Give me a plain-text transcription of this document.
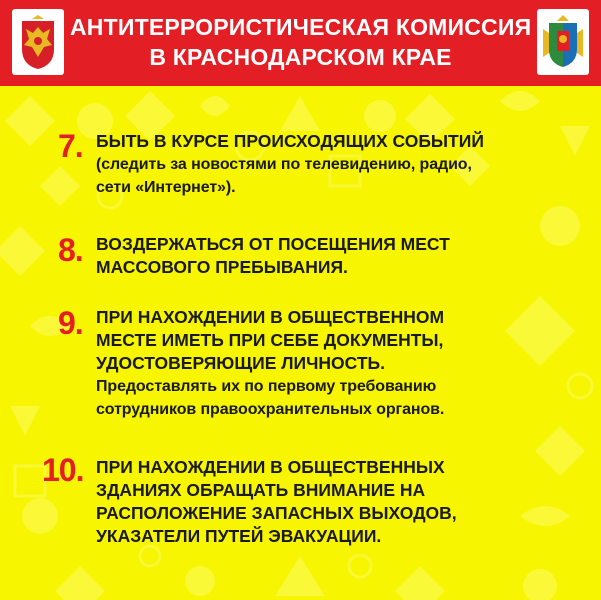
АНТИТЕРРОРИСТИЧЕСКАЯ КОМИССИЯ
В КРАСНОДАРСКОМ КРАЕ
7. БЫТЬ В КУРСЕ ПРОИСХОДЯЩИХ СОБЫТИЙ
(следить за новостями по телевидению, радио,
сети «Интернет»).
8. ВОЗДЕРЖАТЬСЯ ОТ ПОСЕЩЕНИЯ МЕСТ
МАССОВОГО ПРЕБЫВАНИЯ.
9. ПРИ НАХОЖДЕНИИ В ОБЩЕСТВЕННОМ
МЕСТЕ ИМЕТЬ ПРИ СЕБЕ ДОКУМЕНТЫ,
УДОСТОВЕРЯЮЩИЕ ЛИЧНОСТЬ.
Предоставлять их по первому требованию
сотрудников правоохранительных органов.
10. ПРИ НАХОЖДЕНИИ В ОБЩЕСТВЕННЫХ
ЗДАНИЯХ ОБРАЩАТЬ ВНИМАНИЕ НА
РАСПОЛОЖЕНИЕ ЗАПАСНЫХ ВЫХОДОВ,
УКАЗАТЕЛИ ПУТЕЙ ЭВАКУАЦИИ.
